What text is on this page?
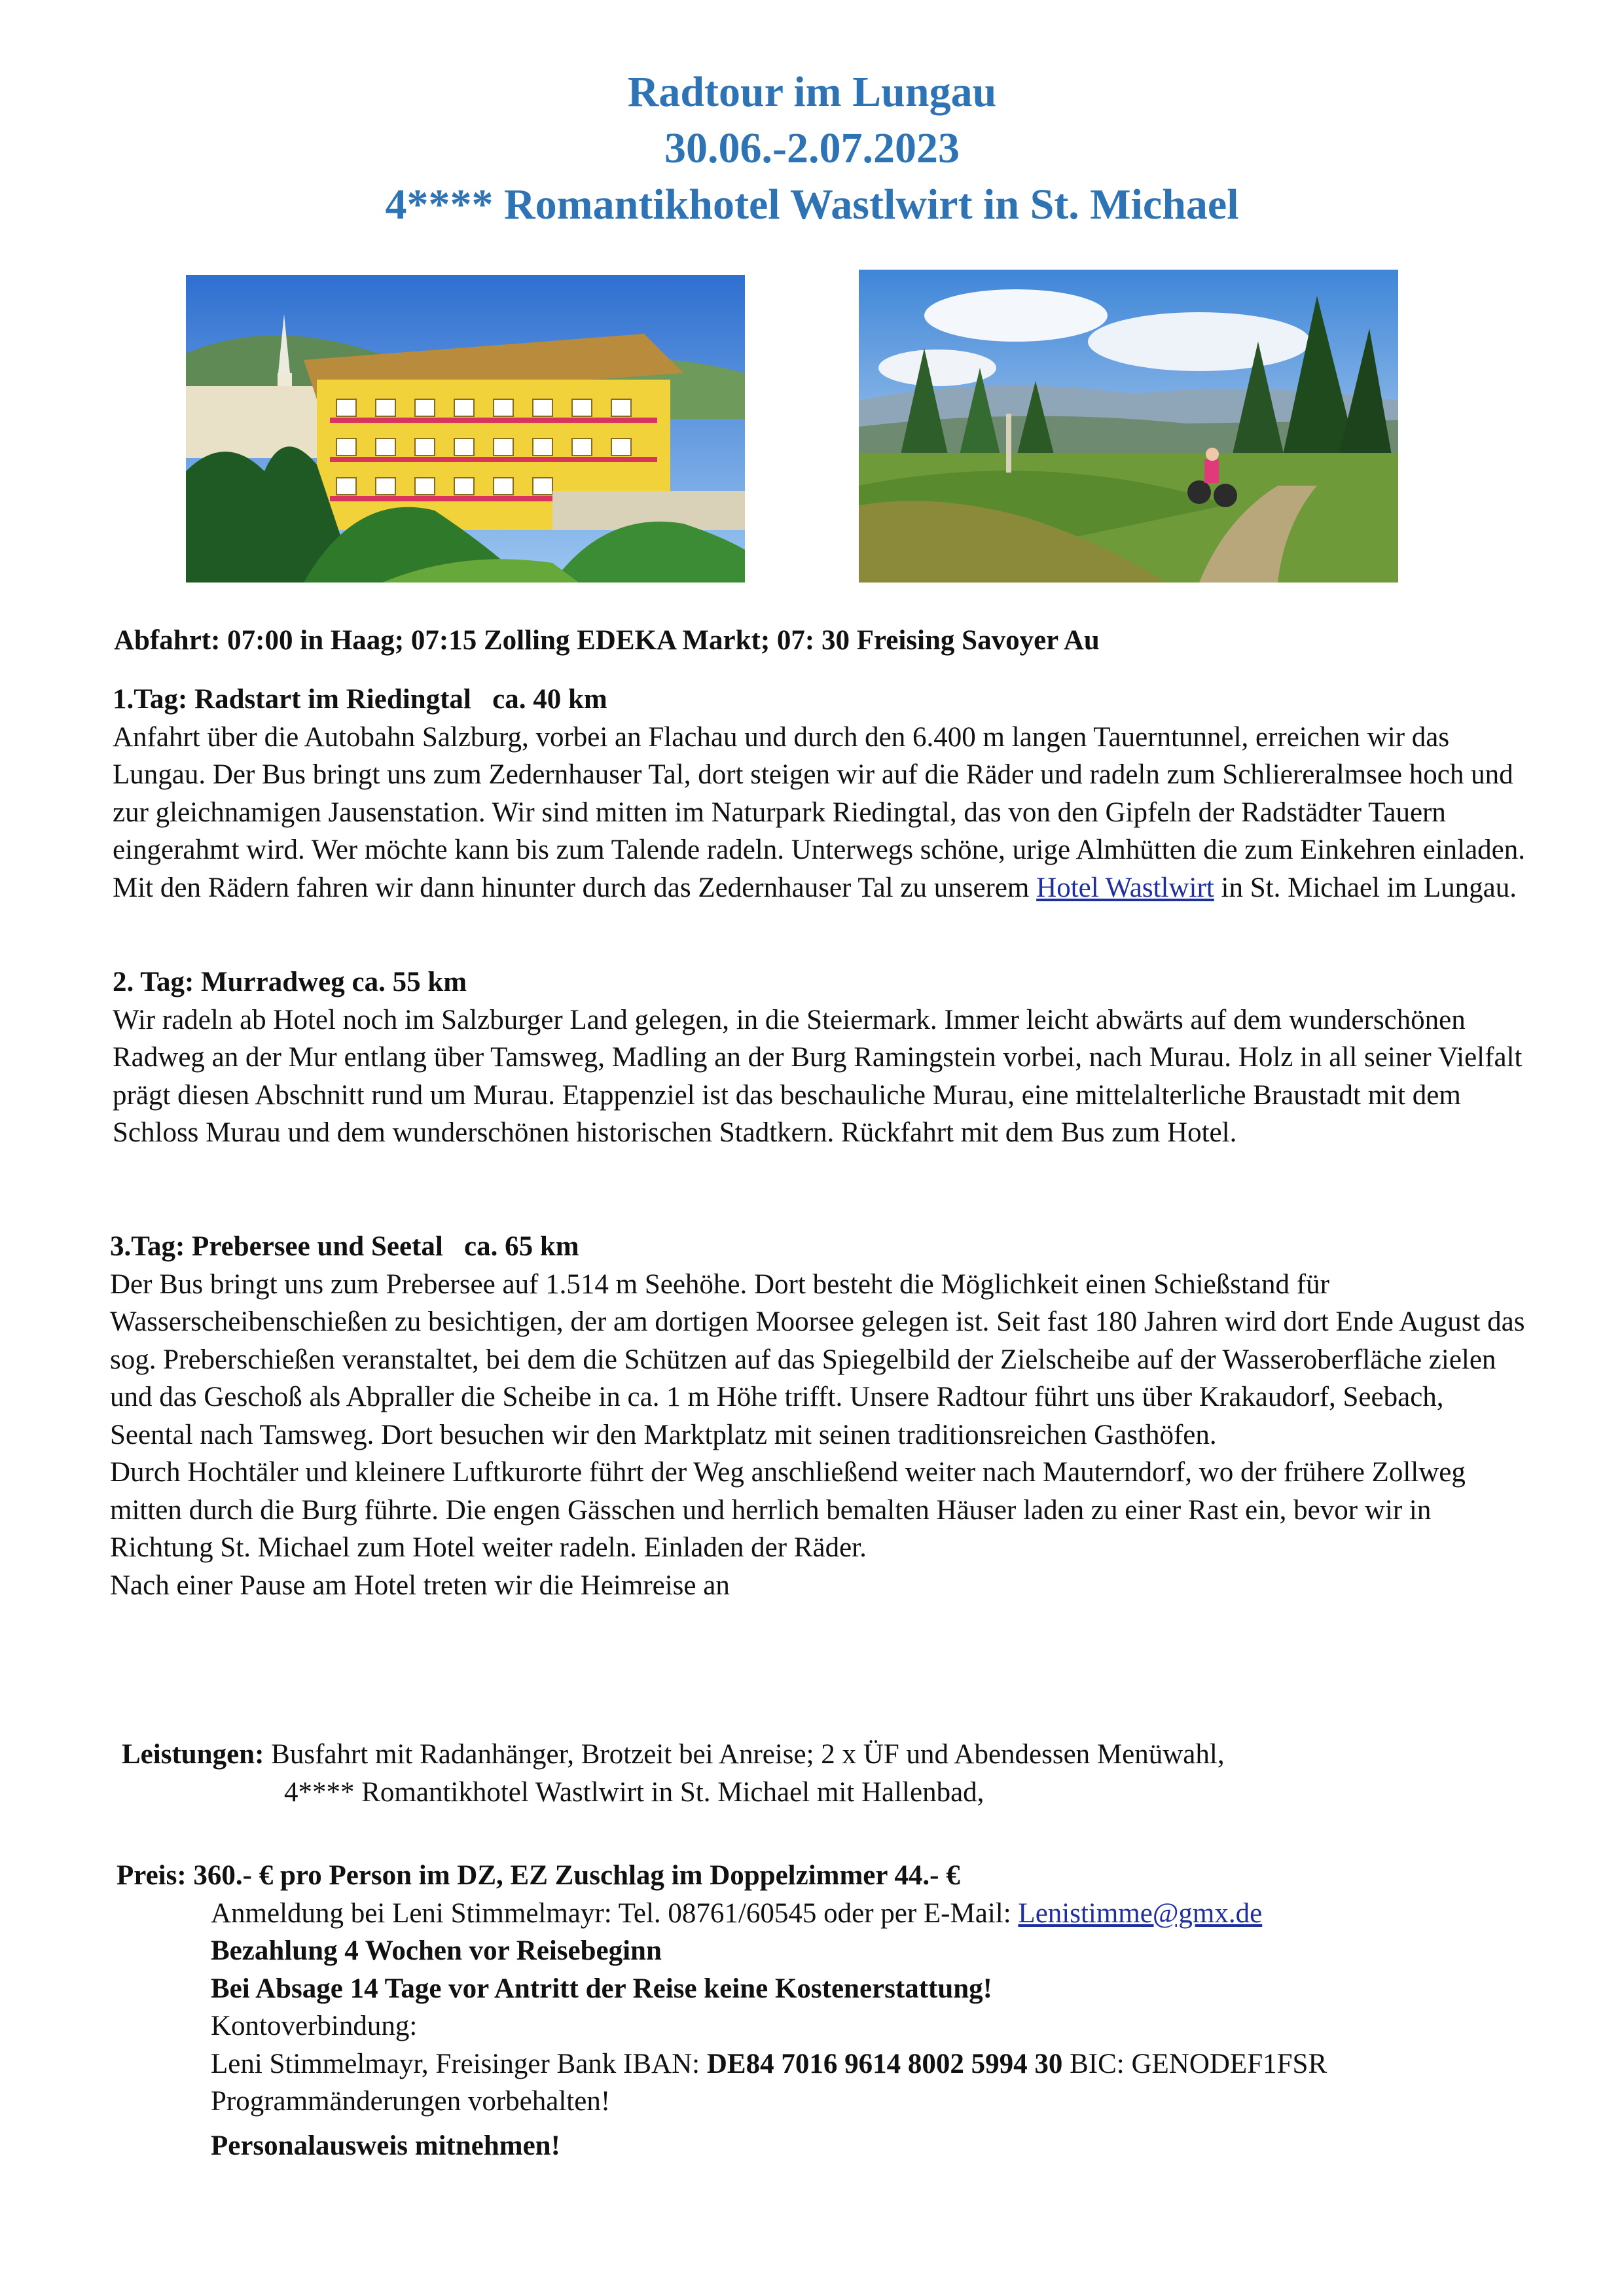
Radtour im Lungau
30.06.-2.07.2023
4**** Romantikhotel Wastlwirt in St. Michael

Abfahrt: 07:00 in Haag; 07:15 Zolling EDEKA Markt; 07: 30 Freising Savoyer Au

1.Tag: Radstart im Riedingtal   ca. 40 km

Anfahrt über die Autobahn Salzburg, vorbei an Flachau und durch den 6.400 m langen Tauerntunnel, erreichen wir das Lungau. Der Bus bringt uns zum Zedernhauser Tal, dort steigen wir auf die Räder und radeln zum Schliereralmsee hoch und zur gleichnamigen Jausenstation. Wir sind mitten im Naturpark Riedingtal, das von den Gipfeln der Radstädter Tauern eingerahmt wird. Wer möchte kann bis zum Talende radeln. Unterwegs schöne, urige Almhütten die zum Einkehren einladen. Mit den Rädern fahren wir dann hinunter durch das Zedernhauser Tal zu unserem Hotel Wastlwirt in St. Michael im Lungau.

2. Tag: Murradweg ca. 55 km

Wir radeln ab Hotel noch im Salzburger Land gelegen, in die Steiermark. Immer leicht abwärts auf dem wunderschönen Radweg an der Mur entlang über Tamsweg, Madling an der Burg Ramingstein vorbei, nach Murau. Holz in all seiner Vielfalt prägt diesen Abschnitt rund um Murau. Etappenziel ist das beschauliche Murau, eine mittelalterliche Braustadt mit dem Schloss Murau und dem wunderschönen historischen Stadtkern. Rückfahrt mit dem Bus zum Hotel.

3.Tag: Prebersee und Seetal   ca. 65 km

Der Bus bringt uns zum Prebersee auf 1.514 m Seehöhe. Dort besteht die Möglichkeit einen Schießstand für Wasserscheibenschießen zu besichtigen, der am dortigen Moorsee gelegen ist. Seit fast 180 Jahren wird dort Ende August das sog. Preberschießen veranstaltet, bei dem die Schützen auf das Spiegelbild der Zielscheibe auf der Wasseroberfläche zielen und das Geschoß als Abpraller die Scheibe in ca. 1 m Höhe trifft. Unsere Radtour führt uns über Krakaudorf, Seebach, Seental nach Tamsweg. Dort besuchen wir den Marktplatz mit seinen traditionsreichen Gasthöfen.

Durch Hochtäler und kleinere Luftkurorte führt der Weg anschließend weiter nach Mauterndorf, wo der frühere Zollweg mitten durch die Burg führte. Die engen Gässchen und herrlich bemalten Häuser laden zu einer Rast ein, bevor wir in Richtung St. Michael zum Hotel weiter radeln. Einladen der Räder.

Nach einer Pause am Hotel treten wir die Heimreise an

Leistungen: Busfahrt mit Radanhänger, Brotzeit bei Anreise; 2 x ÜF und Abendessen Menüwahl,

4**** Romantikhotel Wastlwirt in St. Michael mit Hallenbad,

Preis: 360.- € pro Person im DZ, EZ Zuschlag im Doppelzimmer 44.- €

Anmeldung bei Leni Stimmelmayr: Tel. 08761/60545 oder per E-Mail: Lenistimme@gmx.de

Bezahlung 4 Wochen vor Reisebeginn

Bei Absage 14 Tage vor Antritt der Reise keine Kostenerstattung!

Kontoverbindung:

Leni Stimmelmayr, Freisinger Bank IBAN: DE84 7016 9614 8002 5994 30 BIC: GENODEF1FSR

Programmänderungen vorbehalten!

Personalausweis mitnehmen!
